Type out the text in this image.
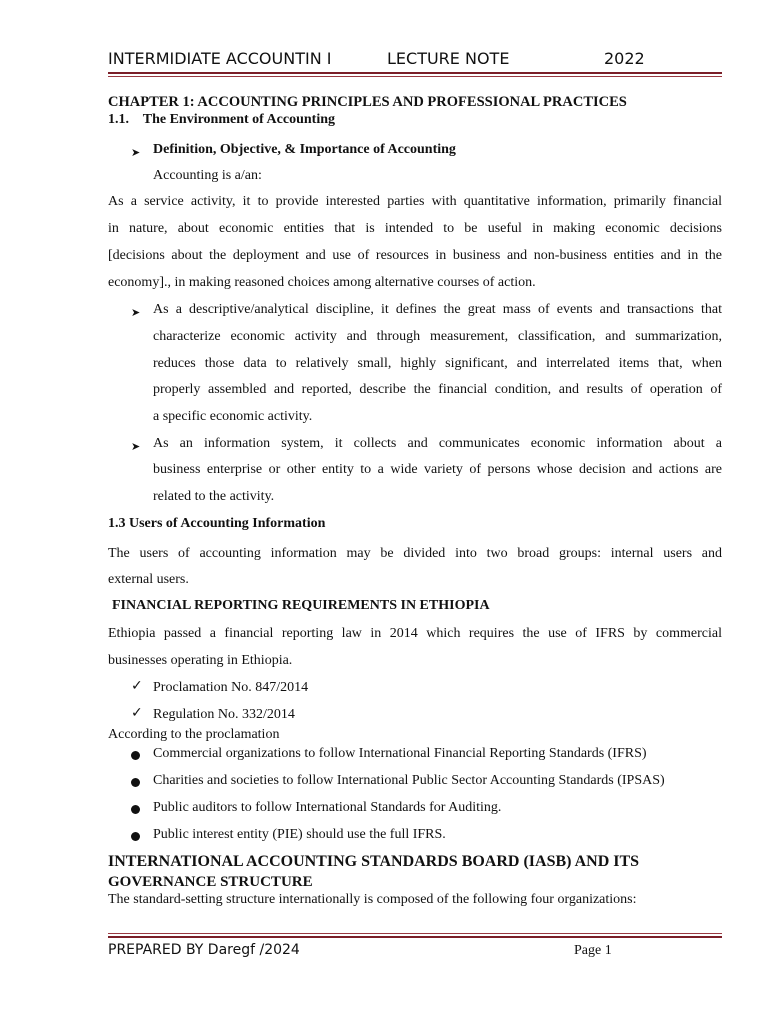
INTERMIDIATE ACCOUNTIN I	LECTURE NOTE	2022
CHAPTER 1: ACCOUNTING PRINCIPLES AND PROFESSIONAL PRACTICES
1.1.    The Environment of Accounting
➤ Definition, Objective, & Importance of Accounting
Accounting is a/an:
As a service activity, it to provide interested parties with quantitative information, primarily financial
in nature, about economic entities that is intended to be useful in making economic decisions
[decisions about the deployment and use of resources in business and non-business entities and in the
economy]., in making reasoned choices among alternative courses of action.
➤ As a descriptive/analytical discipline, it defines the great mass of events and transactions that
characterize economic activity and through measurement, classification, and summarization,
reduces those data to relatively small, highly significant, and interrelated items that, when
properly assembled and reported, describe the financial condition, and results of operation of
a specific economic activity.
➤ As an information system, it collects and communicates economic information about a
business enterprise or other entity to a wide variety of persons whose decision and actions are
related to the activity.
1.3 Users of Accounting Information
The users of accounting information may be divided into two broad groups: internal users and
external users.
FINANCIAL REPORTING REQUIREMENTS IN ETHIOPIA
Ethiopia passed a financial reporting law in 2014 which requires the use of IFRS by commercial
businesses operating in Ethiopia.
✓ Proclamation No. 847/2014
✓ Regulation No. 332/2014
According to the proclamation
Commercial organizations to follow International Financial Reporting Standards (IFRS)
Charities and societies to follow International Public Sector Accounting Standards (IPSAS)
Public auditors to follow International Standards for Auditing.
Public interest entity (PIE) should use the full IFRS.
INTERNATIONAL ACCOUNTING STANDARDS BOARD (IASB) AND ITS
GOVERNANCE STRUCTURE
The standard-setting structure internationally is composed of the following four organizations:
PREPARED BY Daregf /2024	Page 1
